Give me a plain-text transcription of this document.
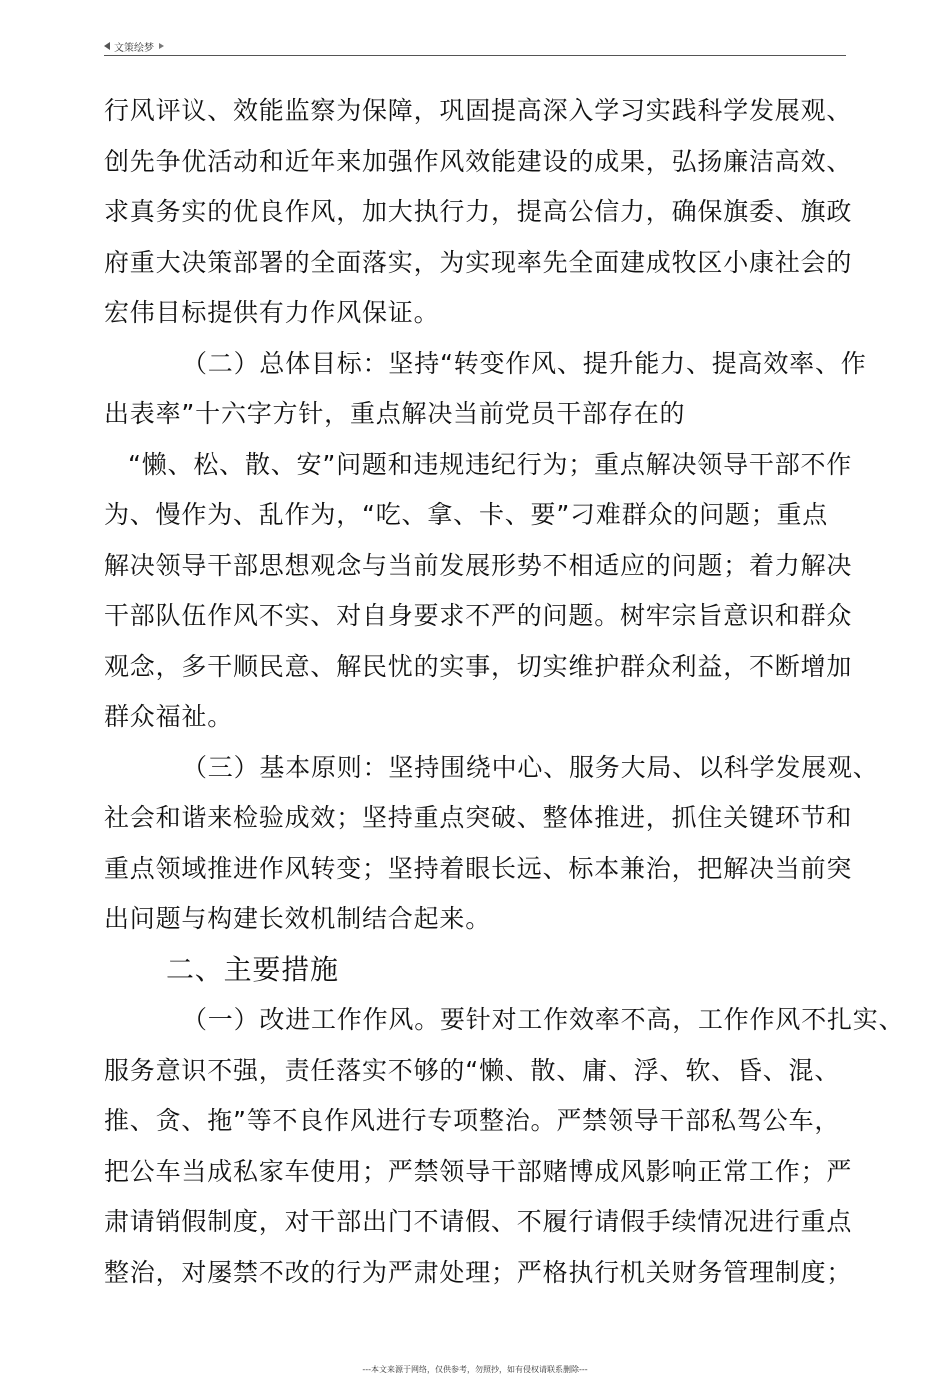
文策绘梦
行风评议、效能监察为保障，巩固提高深入学习实践科学发展观、
创先争优活动和近年来加强作风效能建设的成果，弘扬廉洁高效、
求真务实的优良作风，加大执行力，提高公信力，确保旗委、旗政
府重大决策部署的全面落实，为实现率先全面建成牧区小康社会的
宏伟目标提供有力作风保证。
（二）总体目标：坚持“转变作风、提升能力、提高效率、作
出表率”十六字方针，重点解决当前党员干部存在的
“懒、松、散、安”问题和违规违纪行为；重点解决领导干部不作
为、慢作为、乱作为，“吃、拿、卡、要”刁难群众的问题；重点
解决领导干部思想观念与当前发展形势不相适应的问题；着力解决
干部队伍作风不实、对自身要求不严的问题。树牢宗旨意识和群众
观念，多干顺民意、解民忧的实事，切实维护群众利益，不断增加
群众福祉。
（三）基本原则：坚持围绕中心、服务大局、以科学发展观、
社会和谐来检验成效；坚持重点突破、整体推进，抓住关键环节和
重点领域推进作风转变；坚持着眼长远、标本兼治，把解决当前突
出问题与构建长效机制结合起来。
二、主要措施
（一）改进工作作风。要针对工作效率不高，工作作风不扎实、
服务意识不强，责任落实不够的“懒、散、庸、浮、软、昏、混、
推、贪、拖”等不良作风进行专项整治。严禁领导干部私驾公车，
把公车当成私家车使用；严禁领导干部赌博成风影响正常工作；严
肃请销假制度，对干部出门不请假、不履行请假手续情况进行重点
整治，对屡禁不改的行为严肃处理；严格执行机关财务管理制度；
---本文来源于网络，仅供参考，勿照抄，如有侵权请联系删除---
